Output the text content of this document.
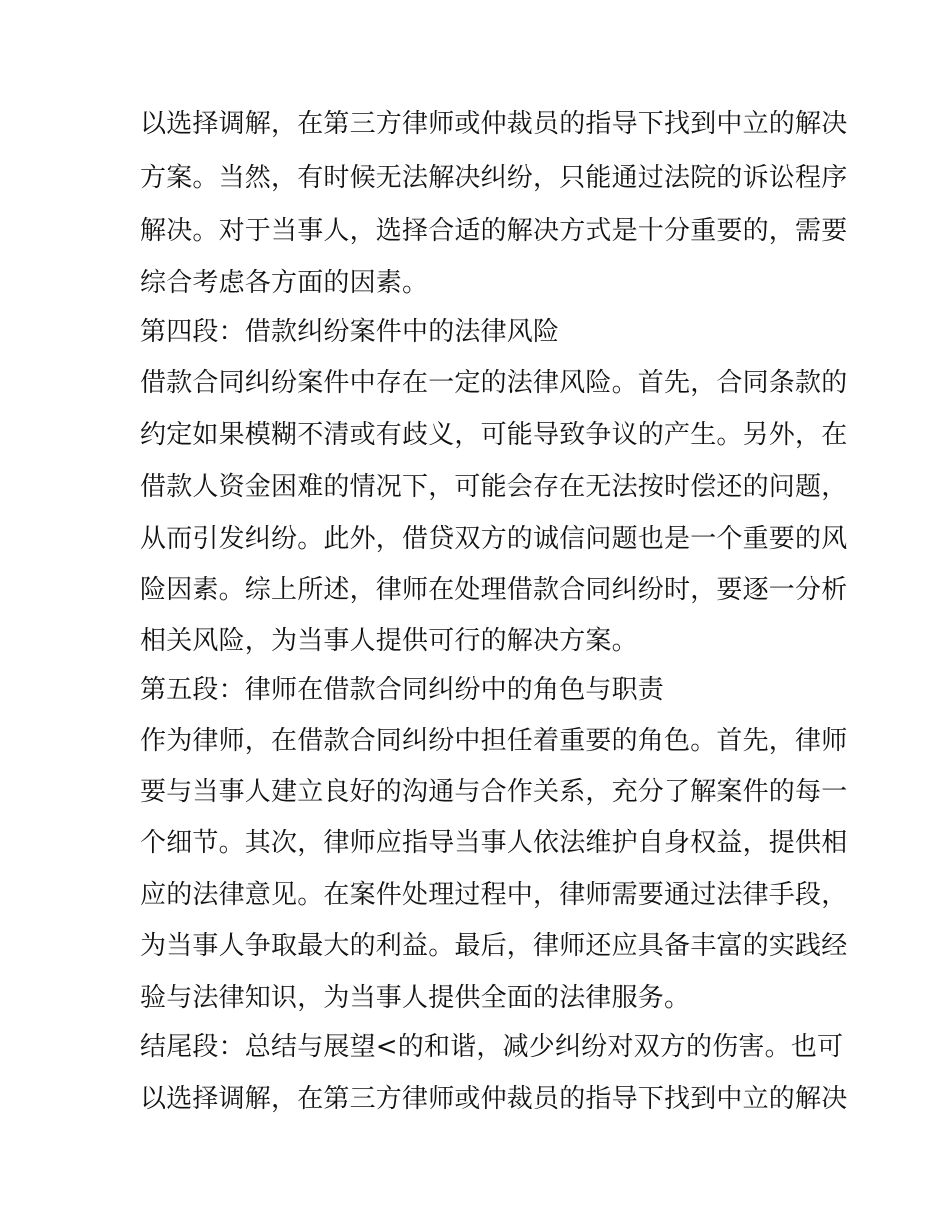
以选择调解，在第三方律师或仲裁员的指导下找到中立的解决
方案。当然，有时候无法解决纠纷，只能通过法院的诉讼程序
解决。对于当事人，选择合适的解决方式是十分重要的，需要
综合考虑各方面的因素。
第四段：借款纠纷案件中的法律风险
借款合同纠纷案件中存在一定的法律风险。首先，合同条款的
约定如果模糊不清或有歧义，可能导致争议的产生。另外，在
借款人资金困难的情况下，可能会存在无法按时偿还的问题，
从而引发纠纷。此外，借贷双方的诚信问题也是一个重要的风
险因素。综上所述，律师在处理借款合同纠纷时，要逐一分析
相关风险，为当事人提供可行的解决方案。
第五段：律师在借款合同纠纷中的角色与职责
作为律师，在借款合同纠纷中担任着重要的角色。首先，律师
要与当事人建立良好的沟通与合作关系，充分了解案件的每一
个细节。其次，律师应指导当事人依法维护自身权益，提供相
应的法律意见。在案件处理过程中，律师需要通过法律手段，
为当事人争取最大的利益。最后，律师还应具备丰富的实践经
验与法律知识，为当事人提供全面的法律服务。
结尾段：总结与展望<的和谐，减少纠纷对双方的伤害。也可
以选择调解，在第三方律师或仲裁员的指导下找到中立的解决
